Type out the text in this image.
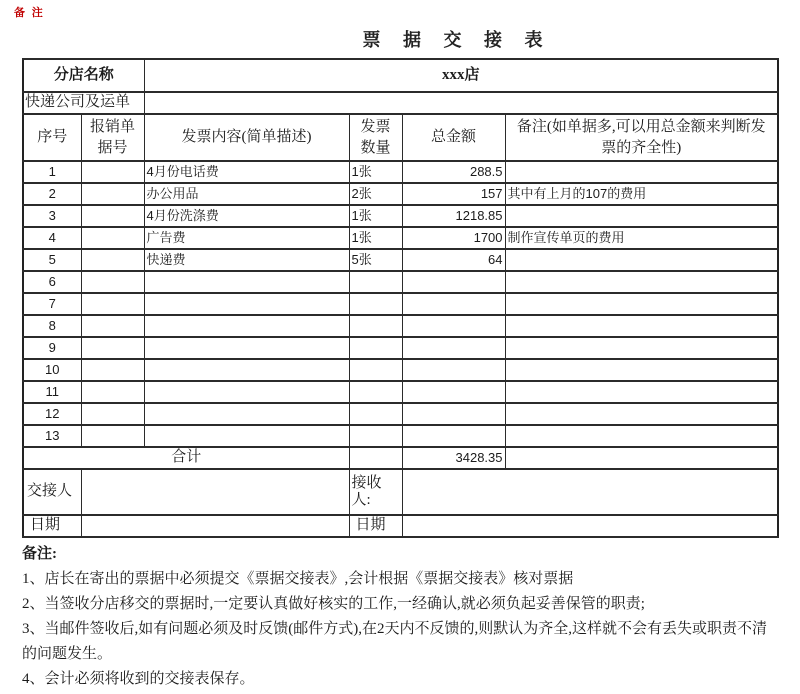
备 注
票 据 交 接 表
分店名称		xxx店			
快递公司及运单					
序号	报销单据号	发票内容(简单描述)	发票数量	总金额	备注(如单据多,可以用总金额来判断发票的齐全性)
1		4月份电话费	1张	288.5	
2		办公用品	2张	157	其中有上月的107的费用
3		4月份洗涤费	1张	1218.85	
4		广告费	1张	1700	制作宣传单页的费用
5		快递费	5张	64	
6					
7					
8					
9					
10					
11					
12					
13					
合计				3428.35	
交接人			接收人:		
日期			日期		

备注:

1、店长在寄出的票据中必须提交《票据交接表》,会计根据《票据交接表》核对票据

2、当签收分店移交的票据时,一定要认真做好核实的工作,一经确认,就必须负起妥善保管的职责;

3、当邮件签收后,如有问题必须及时反馈(邮件方式),在2天内不反馈的,则默认为齐全,这样就不会有丢失或职责不清的问题发生。

4、会计必须将收到的交接表保存。
